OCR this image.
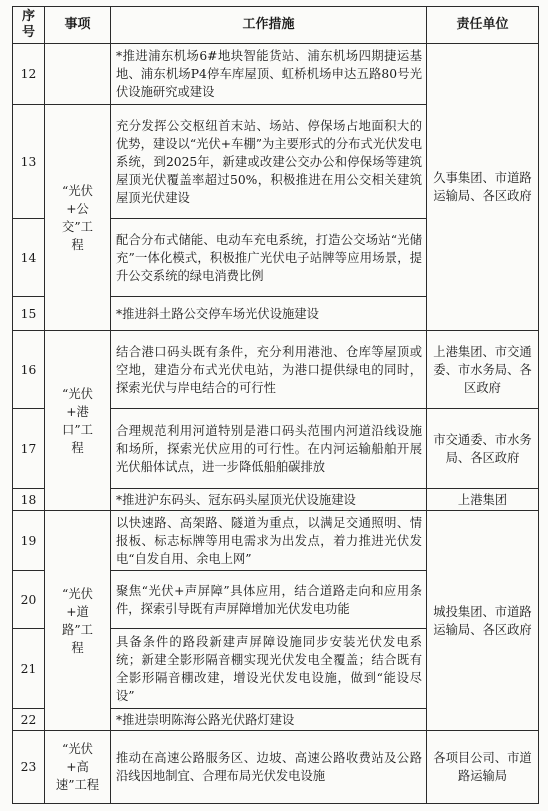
序号	事项	工作措施	责任单位
12		*推进浦东机场6#地块智能货站、浦东机场四期捷运基地、浦东机场P4停车库屋顶、虹桥机场申达五路80号光伏设施研究或建设	久事集团、市道路运输局、各区政府
13	“光伏+公交”工程	充分发挥公交枢纽首末站、场站、停保场占地面积大的优势，建设以“光伏+车棚”为主要形式的分布式光伏发电系统，到2025年，新建或改建公交办公和停保场等建筑屋顶光伏覆盖率超过50%，积极推进在用公交相关建筑屋顶光伏建设	
14		配合分布式储能、电动车充电系统，打造公交场站“光储充”一体化模式，积极推广光伏电子站牌等应用场景，提升公交系统的绿电消费比例	
15		*推进斜土路公交停车场光伏设施建设	
16	“光伏+港口”工程	结合港口码头既有条件，充分利用港池、仓库等屋顶或空地，建造分布式光伏电站，为港口提供绿电的同时，探索光伏与岸电结合的可行性	上港集团、市交通委、市水务局、各区政府
17		合理规范利用河道特别是港口码头范围内河道沿线设施和场所，探索光伏应用的可行性。在内河运输船舶开展光伏船体试点，进一步降低船舶碳排放	市交通委、市水务局、各区政府
18		*推进沪东码头、冠东码头屋顶光伏设施建设	上港集团
19	“光伏+道路”工程	以快速路、高架路、隧道为重点，以满足交通照明、情报板、标志标牌等用电需求为出发点，着力推进光伏发电“自发自用、余电上网”	城投集团、市道路运输局、各区政府
20		聚焦“光伏+声屏障”具体应用，结合道路走向和应用条件，探索引导既有声屏障增加光伏发电功能	
21		具备条件的路段新建声屏障设施同步安装光伏发电系统；新建全影形隔音棚实现光伏发电全覆盖；结合既有全影形隔音棚改建，增设光伏发电设施，做到“能设尽设”	
22		*推进崇明陈海公路光伏路灯建设	
23	“光伏+高速”工程	推动在高速公路服务区、边坡、高速公路收费站及公路沿线因地制宜、合理布局光伏发电设施	各项目公司、市道路运输局
